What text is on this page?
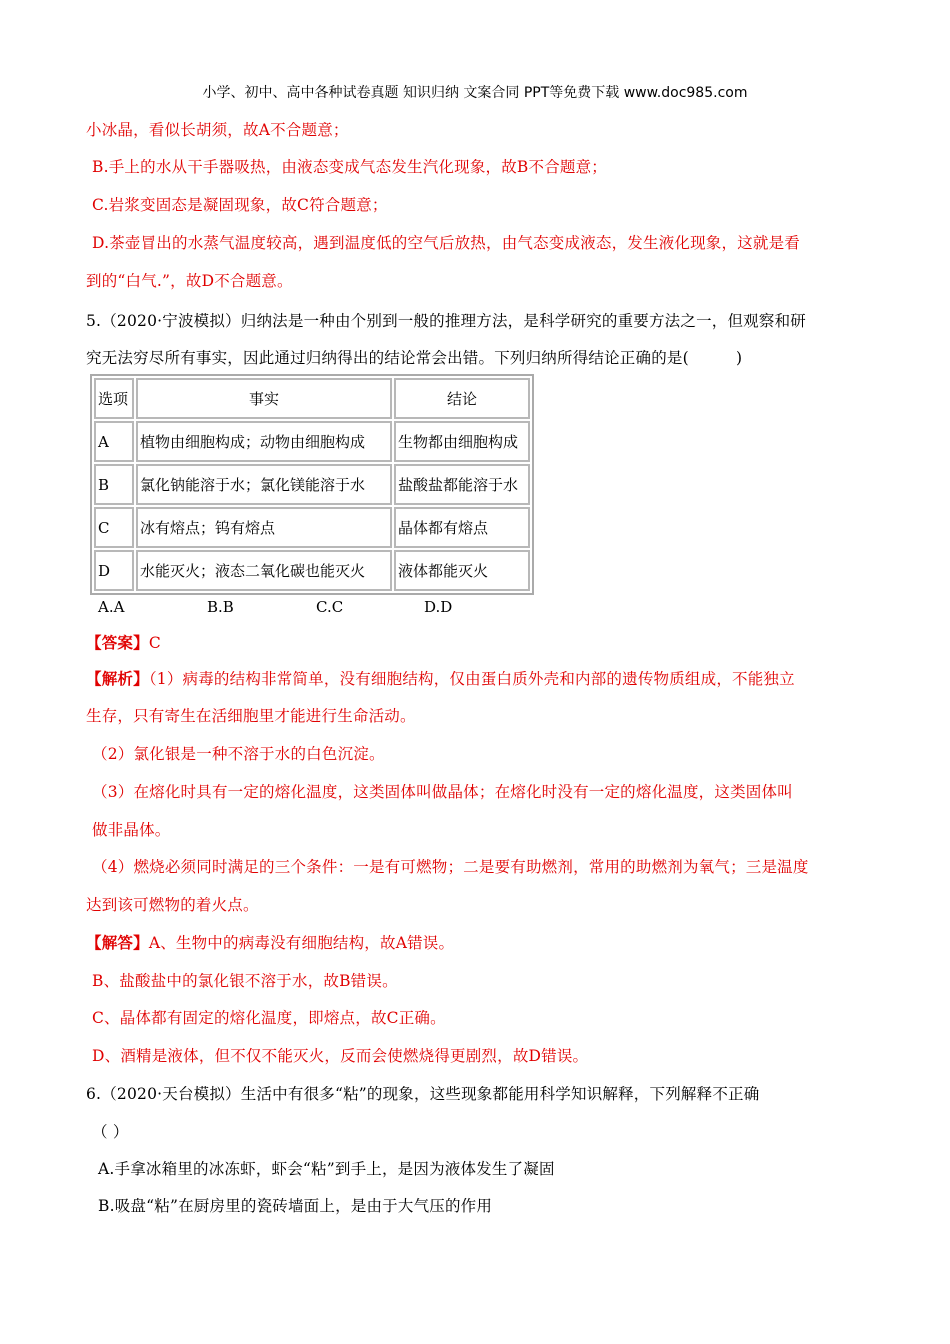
小学、初中、高中各种试卷真题 知识归纳 文案合同 PPT等免费下载 www.doc985.com
小冰晶，看似长胡须，故A不合题意；
B.手上的水从干手器吸热，由液态变成气态发生汽化现象，故B不合题意；
C.岩浆变固态是凝固现象，故C符合题意；
D.茶壶冒出的水蒸气温度较高，遇到温度低的空气后放热，由气态变成液态，发生液化现象，这就是看
到的“白气.”，故D不合题意。
5.（2020·宁波模拟）归纳法是一种由个别到一般的推理方法，是科学研究的重要方法之一，但观察和研
究无法穷尽所有事实，因此通过归纳得出的结论常会出错。下列归纳所得结论正确的是(　　　)
选项	事实	结论
A	植物由细胞构成；动物由细胞构成	生物都由细胞构成
B	氯化钠能溶于水；氯化镁能溶于水	盐酸盐都能溶于水
C	冰有熔点；钨有熔点	晶体都有熔点
D	水能灭火；液态二氧化碳也能灭火	液体都能灭火
A.A	B.B	C.C	D.D
【答案】C
【解析】（1）病毒的结构非常简单，没有细胞结构，仅由蛋白质外壳和内部的遗传物质组成，不能独立
生存，只有寄生在活细胞里才能进行生命活动。
（2）氯化银是一种不溶于水的白色沉淀。
（3）在熔化时具有一定的熔化温度，这类固体叫做晶体；在熔化时没有一定的熔化温度，这类固体叫
做非晶体。
（4）燃烧必须同时满足的三个条件：一是有可燃物；二是要有助燃剂，常用的助燃剂为氧气；三是温度
达到该可燃物的着火点。
【解答】A、生物中的病毒没有细胞结构，故A错误。
B、盐酸盐中的氯化银不溶于水，故B错误。
C、晶体都有固定的熔化温度，即熔点，故C正确。
D、酒精是液体，但不仅不能灭火，反而会使燃烧得更剧烈，故D错误。
6.（2020·天台模拟）生活中有很多“粘”的现象，这些现象都能用科学知识解释，下列解释不正确
（ ）
A.手拿冰箱里的冰冻虾，虾会“粘”到手上，是因为液体发生了凝固
B.吸盘“粘”在厨房里的瓷砖墙面上，是由于大气压的作用
